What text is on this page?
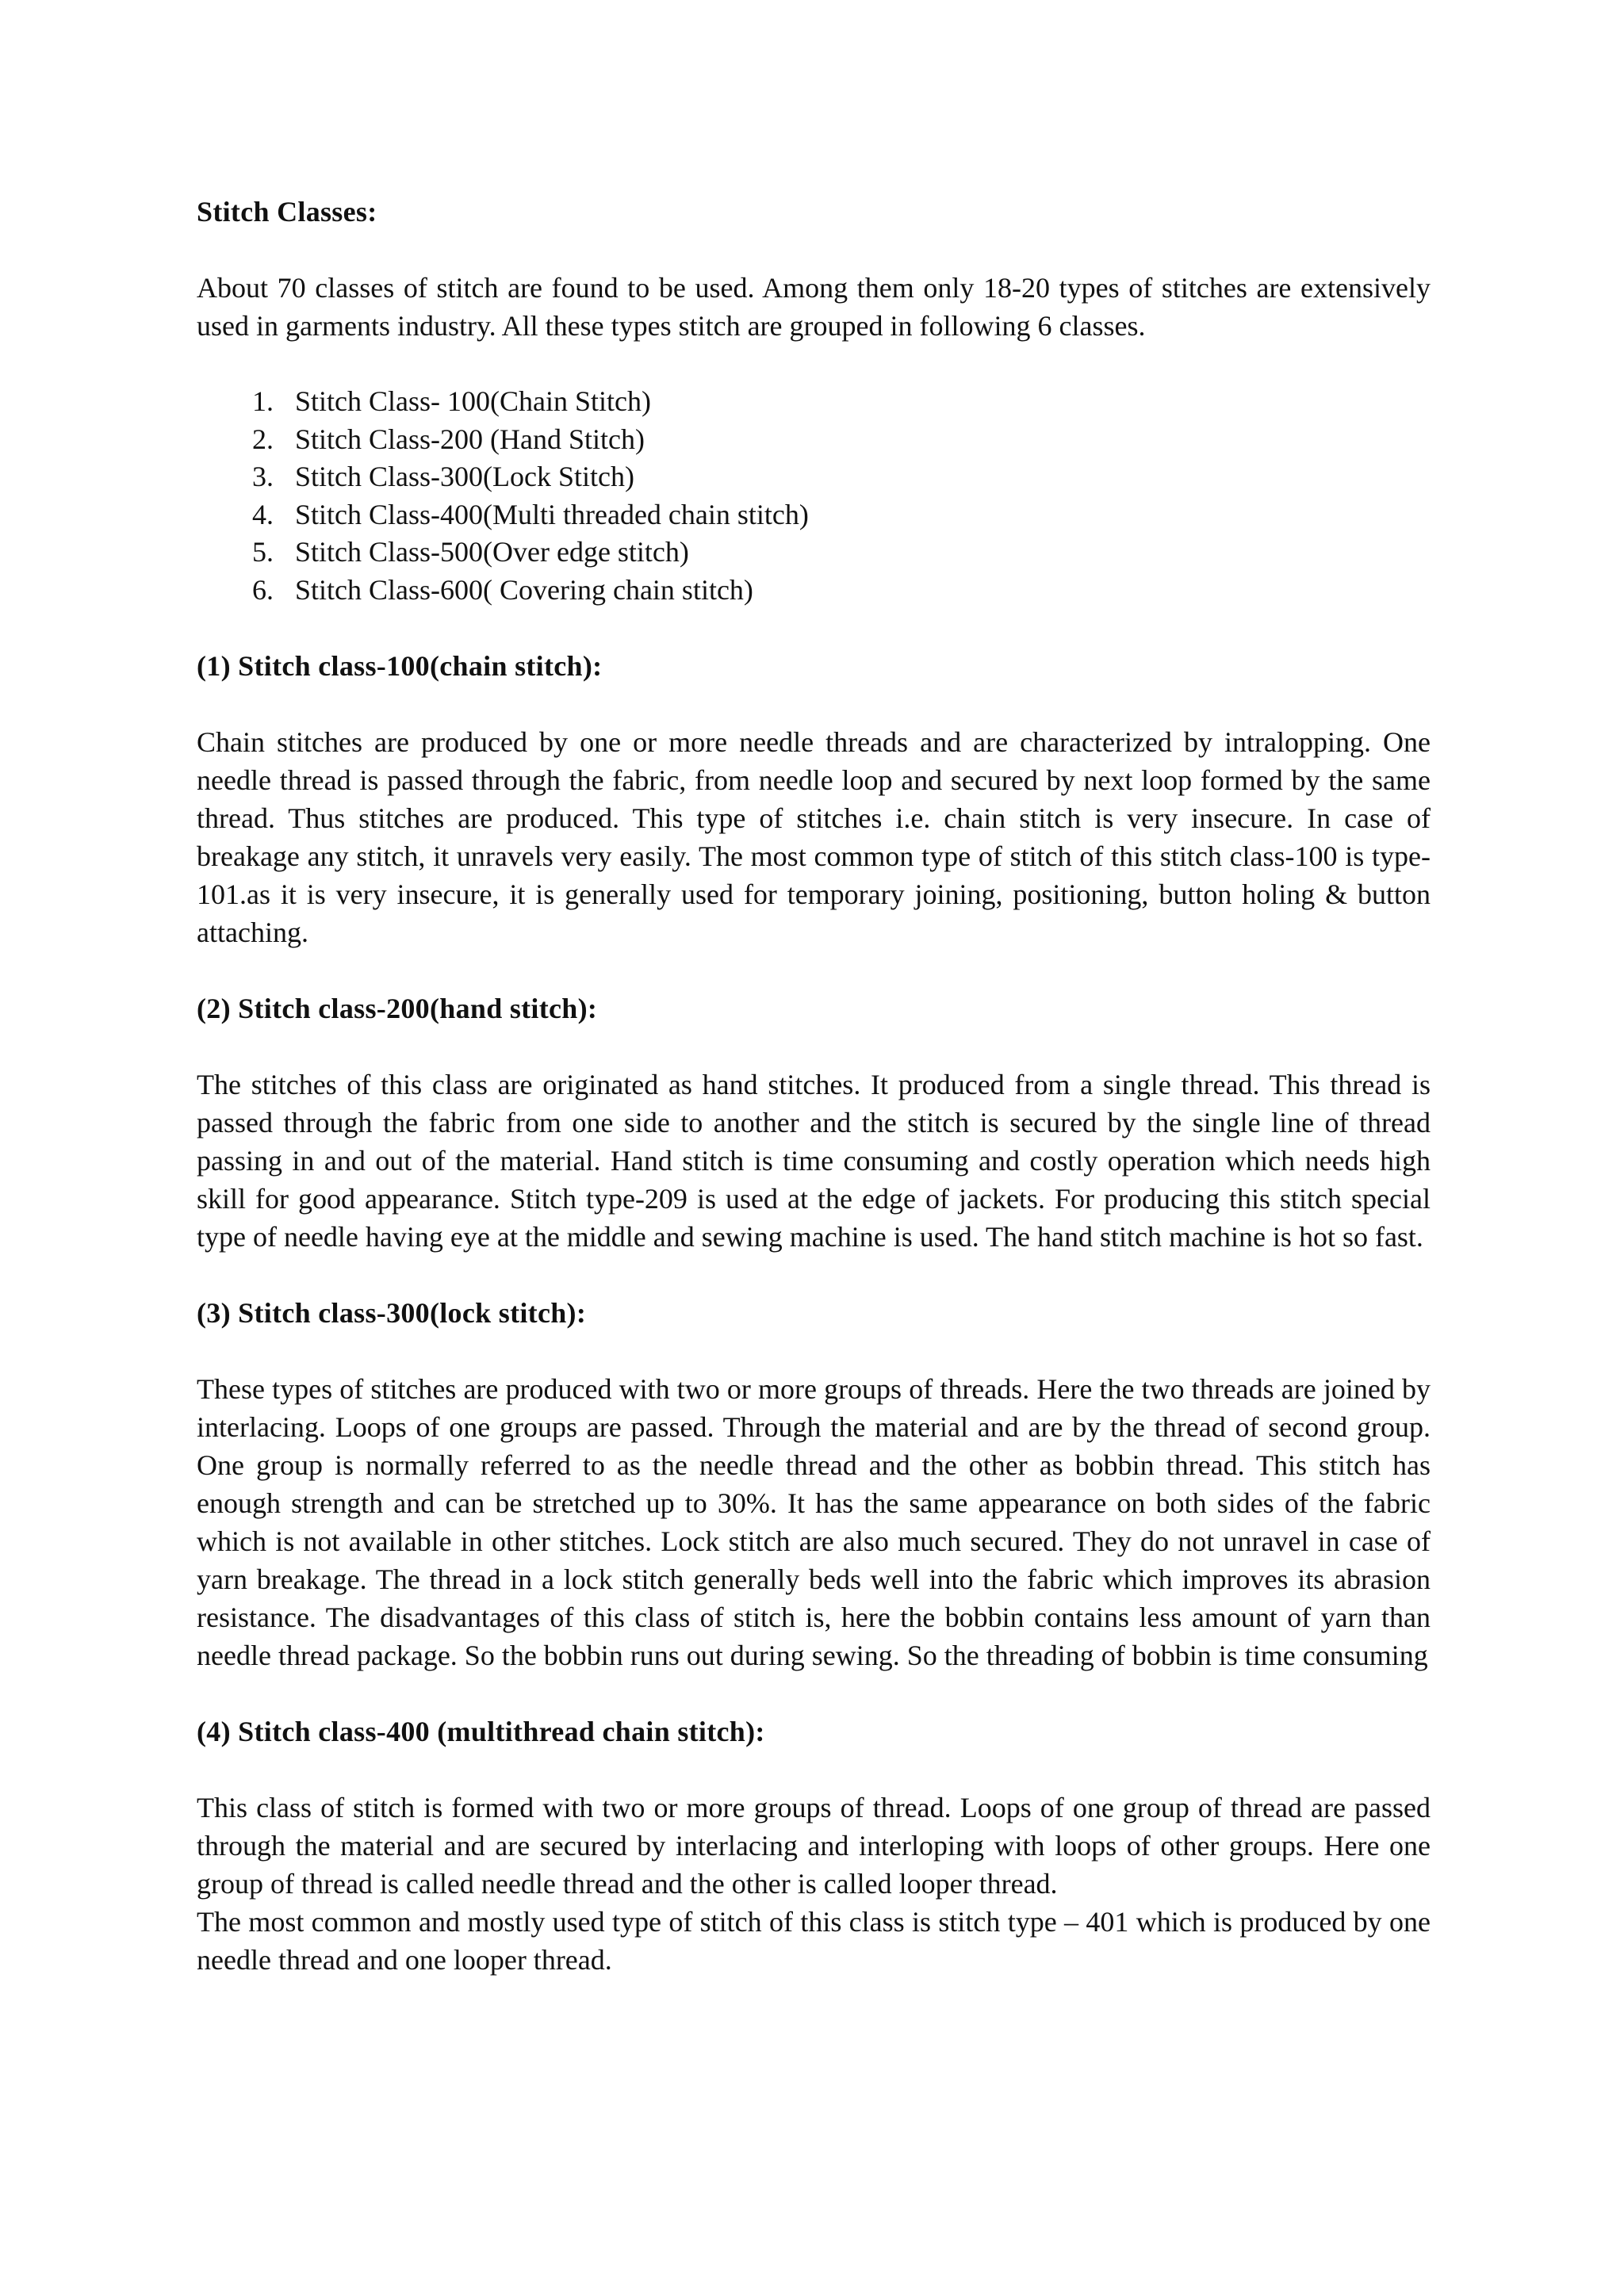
Stitch Classes:

About 70 classes of stitch are found to be used. Among them only 18-20 types of stitches are extensively used in garments industry. All these types stitch are grouped in following 6 classes.

1. Stitch Class- 100(Chain Stitch)
2. Stitch Class-200 (Hand Stitch)
3. Stitch Class-300(Lock Stitch)
4. Stitch Class-400(Multi threaded chain stitch)
5. Stitch Class-500(Over edge stitch)
6. Stitch Class-600( Covering chain stitch)

(1) Stitch class-100(chain stitch):

Chain stitches are produced by one or more needle threads and are characterized by intralopping. One needle thread is passed through the fabric, from needle loop and secured by next loop formed by the same thread. Thus stitches are produced. This type of stitches i.e. chain stitch is very insecure. In case of breakage any stitch, it unravels very easily. The most common type of stitch of this stitch class-100 is type-101.as it is very insecure, it is generally used for temporary joining, positioning, button holing & button attaching.

(2) Stitch class-200(hand stitch):

The stitches of this class are originated as hand stitches. It produced from a single thread. This thread is passed through the fabric from one side to another and the stitch is secured by the single line of thread passing in and out of the material. Hand stitch is time consuming and costly operation which needs high skill for good appearance. Stitch type-209 is used at the edge of jackets. For producing this stitch special type of needle having eye at the middle and sewing machine is used. The hand stitch machine is hot so fast.

(3) Stitch class-300(lock stitch):

These types of stitches are produced with two or more groups of threads. Here the two threads are joined by interlacing. Loops of one groups are passed. Through the material and are by the thread of second group. One group is normally referred to as the needle thread and the other as bobbin thread. This stitch has enough strength and can be stretched up to 30%. It has the same appearance on both sides of the fabric which is not available in other stitches. Lock stitch are also much secured. They do not unravel in case of yarn breakage. The thread in a lock stitch generally beds well into the fabric which improves its abrasion resistance. The disadvantages of this class of stitch is, here the bobbin contains less amount of yarn than needle thread package. So the bobbin runs out during sewing. So the threading of bobbin is time consuming

(4) Stitch class-400 (multithread chain stitch):

This class of stitch is formed with two or more groups of thread. Loops of one group of thread are passed through the material and are secured by interlacing and interloping with loops of other groups. Here one group of thread is called needle thread and the other is called looper thread.

The most common and mostly used type of stitch of this class is stitch type – 401 which is produced by one needle thread and one looper thread.
